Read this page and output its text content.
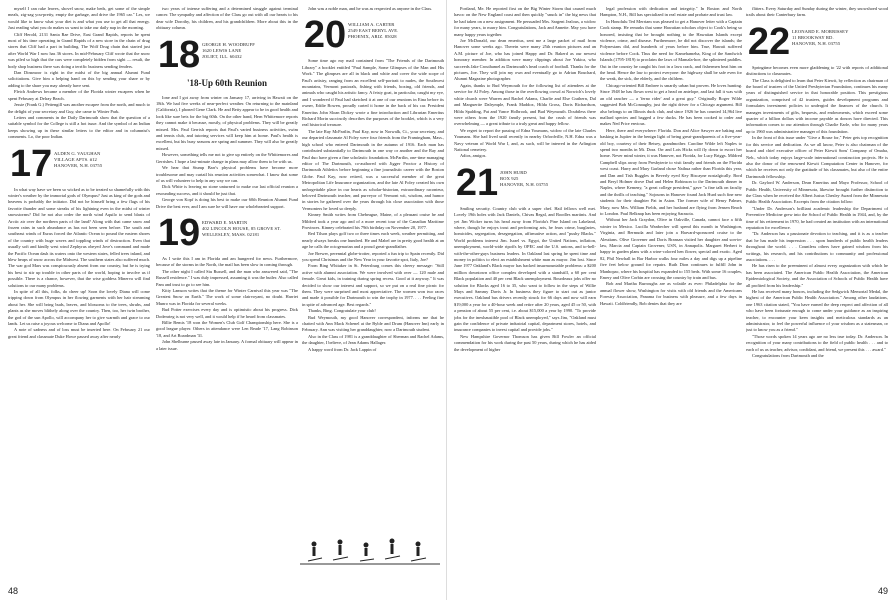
myself I can rake leaves, shovel snow, make beds, get some of the simple meals, zig-zag you-pretty, empty the garbage, and drive the 1965 car." Les, we would like to know what your diet is and what you use to get all that energy. Just reading what you do makes us want to take our daily nap in the morning.

Cliff Herold, 2131 Santa Rae Drive, East Grand Rapids, reports he spent most of his time operating in Grand Rapids of a new store in the chain of drug stores that Cliff had a part in building. The Wolf Drug chain that started just after World War I now has 36 stores. In mid-February Cliff wrote that the snow was piled so high that the cars were completely hidden from sight — result, the body shop business there was doing a terrific business sending fenders.

Dan Dinsmoor is right in the midst of the big annual Alumni Fund solicitations. Give him a helping hand on this by sending your share or by adding to the share you may already have sent.

Fletch Andrews became a member of the Florida winter escapees when he spent February at Delray Beach.

Jessie (Frank G.) Pettengill was another escapee from the north, and much to the delight of your secretary and Guy, she came to Winter Park.

Letters and comments in the Daily Dartmouth show that the question of a suitable symbol for the College is still a hot issue. And the symbol of an Indian keeps showing up in these similar letters to the editor and in columnist's comments. Lo, the poor Indian.

17 ALDEN G. VAUGHAN
VILLAGE APTS. #12
HANOVER, N.H. 03755

In what way have we been so wicked as to be treated so shamefully with this winter's weather by the immortal gods of Olympus? Just as king of the gods and heavens is probably the initiator. Did not he himself bring a few flags of his favorite thunder and some streaks of his lightning even in the midst of winter snowstorms? Did he not also order the north wind Aquilo to send blasts of Arctic air over the northern parts of the land? Along with that came snow and frozen rains in such abundance as has not been seen before. The south and southeast winds of Eurus forced the Atlantic Ocean to pound the eastern shores of the country with huge waves and toppling winds of destruction. Even that usually soft and kindly west wind Zephyrus obeyed Jove's command and made the Pacific Ocean dash its waters onto the western states, felled trees inland, and blew heaps of snow across the Midwest. The southern states also suffered much. The war god Mars was conspicuously absent from our country, but he is trying his best to stir up trouble in other parts of the world, hoping to involve us if possible. There is a chance, however, that the wise goddess Minerva will find solutions to our many problems.

In spite of all this, folks, do cheer up! Soon the lovely Diana will come tripping down from Olympus in her flowing garments with her hair streaming about her. She will bring buds, leaves, and blossoms to the trees, shrubs, and plants as she moves blithely along over the country. Then, too, her twin brother, the god of the sun Apollo, will accompany her to give warmth and grace to our lands. Let us raise a joyous welcome to Diana and Apollo!

A note of sadness and of loss must be inserted here. On February 21 our great friend and classmate Duke Howe passed away after nearly

two years of intense suffering and a determined struggle against terminal cancer. The sympathy and affection of the Class go out with all our hearts to his dear wife Dorothy, his children, and his grandchildren. More about this in the obituary column.

18 GEORGE H. WOODRUFF
1620 LEWIS LANE
JOLIET, ILL. 60432
'18-Up 60th Reunion

Ione and I got away from winter on January 17, arriving in Hawaii on the 18th. We had five weeks of near-perfect weather. On returning to the mainland (California), I phoned Gene Clark. He and Betty appear to be in good health and look like sure bets for the big 60th. On the other hand, Hern Whittemore reports they cannot make it because, mostly, of physical problems. They will be greatly missed. Mrs. Paul Gerrish reports that Paul's varied business activities, swim and tennis club, and tutoring services will keep him at home. Paul's health is excellent, but his busy seasons are spring and summer. They will also be greatly missed.

However, something tells me not to give up entirely on the Whittemores and Gerrishes. I hope a last-minute change in plans may allow them to be with us.

We hear that Stump Barr's physical problems have become more troublesome and may curtail his reunion activities somewhat. I know that some of us will volunteer to help in any way we can.

Dick White is leaving no stone unturned to make our last official reunion a resounding success, and it should be just that.

George von Kopf is doing his best to make our 60th Reunion Alumni Fund Drive the best ever, and I am sure he will have our wholehearted support.

19 EDWARD E. MARTIN
402 LINCOLN HOUSE, 85 GROVE ST.
WELLESLEY, MASS. 02181

As I write this I am in Florida and am hungered for news. Furthermore, because of the storms in the North, the mail has been slow in coming through.

The other night I called Stu Russell, and the man who answered said, "The Russell residence." I was duly impressed, assuming it was the butler. Also called Pam and trust to go to see him.

Kitty Lamson writes that the theme for Winter Carnival this year was "The Greatest Snow on Earth." The work of some clairvoyant, no doubt. Harriet Munro was in Florida for several weeks.

Bud Potter exercises every day and is optimistic about his progress. Dick Dodenrieg is not very well, and it would help if he heard from classmates.

Billie Bemis '18 won the Women's Club Golf Championship here. She is a good league player. Others in attendance were Len Reade '17, Lang Robinson '18, and Art Boardman '31.

John Shelburne passed away late in January. A formal obituary will appear in a later issue.

John was a noble man, and he was as respected as anyone in the Class.

20 WILLIAM A. CARTER
2549 EAST BERYL AVE.
PHOENIX, ARIZ. 85028

Some time ago my mail contained from "The Friends of the Dartmouth Library" a booklet entitled "Paul Sample, Some Glimpses of the Man and His Work." The glimpses are all in black and white and cover the wide scope of Paul's artistry, ranging from an excellent self-portrait to nudes, the Southwest mountains, Vermont pastorals, fishing with friends, boxing, old friends, and animals who caught his artistic fancy. A feisty goat, in particular, caught my eye, and I wondered if Paul had sketched it at one of our reunions in Etna before its owner, Eddie Bowen, proudly carted it home in the back of his car. President Emeritus John Sloan Dickey wrote a fine introduction and Librarian Emeritus Richard Morin succinctly describes the purposes of the booklet, which is a very real historical treasure.

The late Ray McPartlin, Paul Kay, now in Norwalk, Ct., your secretary, and our departed classmate Al Foley were four friends from the Framingham, Mass., high school who entered Dartmouth in the autumn of 1916. Each man has contributed substantially to Dartmouth in one way or another and the Ray and Paul duo have given a fine scholastic foundation. McPartlin, one-time managing editor of The Dartmouth, co-authored with Jigger Proctor a History of Dartmouth Athletics before beginning a fine journalistic career with the Boston Globe. Paul Kay, now retired, was a successful member of the great Metropolitan Life Insurance organization, and the late Al Foley created his own unforgettable place in our hearts as scholar-historian, extraordinary raconteur, beloved Dartmouth teacher, and purveyor of Vermont wit, wisdom, and humor in stories he gathered over the years through his close association with those Vermonters he loved so deeply.

Kinney Smith writes from Chebeague, Maine, of a pleasant cruise he and Mildred took a year ago and of a more recent tour of the Canadian Maritime Provinces. Kinney celebrated his 79th birthday on November 20, 1977.

Red Tilson plays golf two or three times each week, weather permitting, and nearly always breaks one hundred. He and Mabel are in pretty good health at an age he calls the octogenarian and a proud great-grandfather.

Joe Brewer, perennial globe-trotter, reported a fun trip to Spain recently. Did you spend Christmas and the New Year in your favorite spot, Italy, Joe?

From Bing Whitaker in St. Petersburg comes this cheery message: "Still active with alumni association. We were involved with over — 120 male and female. Great kids, in training during spring recess. Good at it anyway." It was decided to show our interest and support, so we put on a real fine picnic for them. They were surprised and most appreciative. The women won two races and made it possible for Dartmouth to win the trophy in 1977. . . . Feeling fine in spite of advanced age. Best regards."

Thanks, Bing. Congratulate your club!

Bud Weymouth, my good Hanover correspondent, informs me that he chatted with Ann Mack Schenel at the Byble and Drum (Hanover Inn) early in February. Ann was visiting her granddaughter, now a Dartmouth student.

Also in the Class of 1981 is a granddaughter of Sherman and Rachel Adams, the daughter, I believe, of Jean Adams Hallager.

A happy word from Dr. Jack Lappin of

48

Portland, Me. He reported first on the Big Winter Storm that caused much havoc on the New England coast and then quickly "snuck in" the big news that he had taken on a new assignment. He persuaded Mrs. Sargent Jealous, a widow for many years, to marry him. Congratulations, Jack and Annette. May you have many happy years together.

Joe McDonald, our dean emeritus, sent me a large packet of mail from Hanover some weeks ago. Therein were many 25th reunion pictures and an A.M. picture of Joe, who has joined Happy and Dr. Bakerd as our newest honorary member. In addition were many clippings about Joe Yukica, who succeeds Jake Crouthamel as Dartmouth's head coach of football. Thanks for the pictures, Joe. They will join my own and eventually go to Adrian Bouchard, Alumni Magazine photographer.

Again, thanks to Bud Weymouth for the following list of attendees at the service for Al Foley. Among those in the overflowing crowd at Norwich's lovely white church were Warren and Rachel Adams, Charlie and Else Crathern, Dal and Marguerite Dalrymple, Frank Maddox, Hilda Gross, Doris Richardson, Hilda Spalding, Pat and Vance Holbrook, and Bud Weymouth. Doubtless there were others from the 1920 family present, but the crush of friends was overwhelming — a great tribute to a truly great and happy fellow.

We regret to report the passing of Edna Youmans, widow of the late Charles Youmans. She had lived until recently in nearby Orfordville, N.H. Edna was a Navy veteran of World War I, and, as such, will be interred in the Arlington National cemetery.

Adios, amigos.

21 JOHN HURD
BOX 925
HANOVER, N.H. 03755

Smiling security. Country club with a super chef. Hail fellows well met. Lovely 19th holes with Jack Daniels, Chivas Regal, and Boodles martinis. And yet Jim Wicker turns his head away from Florida's Pine Island on Lakeland, where, though he enjoys trout and performing arts, he fears crime, burglaries, homicides, segregation, desegregation, affirmative action, and "pushy Blacks." World problems interest Jim. Israel vs. Egypt, the United Nations, inflation, unemployment, world-wide ripoffs by OPEC and the U.S. unions, and to-hell-with-the-other-guys business leaders. In Oakland last spring he spent time and money in politics to elect an establishment white man as mayor. Jim lost. Since June 1977 Oakland's Black mayor has backed insurmountable problems: a $200 million downtown office complex developed with a standstill, a 60 per cent Black population and 40 per cent Black unemployment. Bourdeaux jobs offer no solution for Blacks aged 16 to 35, who want to follow in the steps of Willie Mays and Sammy Davis Jr. In business they figure to start out as junior executives. Oakland bus drivers recently struck for 66 days and now will earn $19,000 a year for a 40-hour week and retire after 20 years, aged 45 or 50, with a pension of about 55 per cent, i.e. about $15,000 a year by 1990. "To provide jobs for the inexhaustible pool of Black unemployed," says Jim, "Oakland must gain the confidence of private industrial capital, department stores, hotels, and insurance companies to invest capital and provide jobs."

New Hampshire Governor Thomson has given Bill Fowler an official commendation for his work during the past 50 years, during which he has aided the development of higher

legal profession with dedication and integrity." In Boston and North Hampton, N.H., Bill has specialized in real estate and probate and trust law.

In Honolulu Ted Merriam was pleased to get a Hanover letter with a Captain Cook stamp. He remarks that some Hawaiian scholars object to Cook's being so honored, insisting that he brought nothing to the Hawaiian Islands except violence, crime, and disease. Furthermore, he did not discover the islands; the Polynesians did, and hundreds of years before him. True, Hawaii suffered violence before Cook. Thus the need for Kamehameha, King of the Sandwich Islands (1795-1819) to proclaim the laws of Mamala-hoe, the splintered paddles. Out in the country he caught his foot in a lava crack, and fishermen beat him on the head. Hence the law to protect everyone: the highway shall be safe even for the weak, the sick, the elderly, and the children.

Chicago-oriented Bill Embree is smartly urban but proven. He loves hunting. Since 1948 he has flown west to get a head on antelope, and last fall it was with an old rancher — a 'ferno rider' and a great guy." Originally Roger Wilde suggested Bob McConaughy, just the right driver for a Chicago argument. Bill also belongs to an Illinois duck club, and since 1926 he has counted 14,964 live mallard species and bagged a few ducks. He has been cooked to order and makes Ned Price envious.

Here, there and everywhere: Florida. Don and Alice Sawyer are baking and basking in Jupiter in the benign light of being great-grandparents of a five-year-old boy, courtesy of their Betsey, grandmother. Caroline Wilde left Naples to spend two months in Mt. Dora. Orr and Lois Hicks will fly down to escort her home. Never mind winter, it was Hanover, not Florida, for Lucy Briggs. Mildred Campbell slips away from Presbyterie to visit family and friends on the Florida west coast. Harry and Mary Garland chose Naihua rather than Florida this year, and Dan and Tish Ruggles in Beverly eyed Key Biscayne nostalgically. Bord and Beryl Holmer drove Dud and Helen Robinson to the Dartmouth dinner in Naples, where Kemeny, "a great college president," gave "a fine talk on faculty and the thrills of teaching." Sojourns in Hanover found Jack Hurd such fine new students for their daughter Pat in Aston. The former wife of Henry Palmer, Mary, now Mrs. William Fields, and her husband are flying from Jensen Beach to London. Paul Belknap has been enjoying Sarasota.

Without her Jack Graydon, Olive in Oakville, Canada, cannot face a fifth winter in Mexico. Lucilla Wanbecher will spend this month in Washington, Virginia, and Bermuda and later join a Harvard-sponsored cruise to the Aleutians. Olive Grovener and Doris Bransan visited her daughter and son-in-law, Marcia and Captain Grovener, USN, in Annapolis. Margaret Herbert is happy in garden plans with a wine-colored hen flower, special and exotic. Aged 82, Phil Newhall in Bar Harbor walks four miles a day and digs up a pipeline five feet below ground for repairs. Ruth Dion continues to fulfill John in Manhopac, where his hospital has expanded to 155 beds. With some 16 couples, Emery and Olive Corbin are crossing the country by train and bus.

Bob and Martha Burroughs are as volatile as ever: Philadelphia for the annual flower show, Washington for visits with old friends and the Americans Forestry Association, Panama for business with pleasure, and a few days in Hawaii. Coldfriendly, Bob denies that they are

flitters. Every Saturday and Sunday during the winter, they snowshoed wood trails about their Canterbury farm.

22 LEONARD E. MORRISSEY
11 BROOKWAY RD.
HANOVER, N.H. 03755

Springtime becomes even more gladdening to '22 with reports of additional distinctions to classmates.

The Class is delighted to learn that Peter Kiewit, by reflection as chairman of the board of trustees of the United Presbyterian Foundation, continues his many years of distinguished service in that honorable position. This prestigious organization, comprised of 42 trustees, guides development programs and formulates investment policies to undergird the finances of the church. It manages investments of gifts, bequests, and endowments, which exceed some quarter of a billion dollars with income payable as donors have directed. This information comes to our attention through Charlie Earle, who for many years up to 1960 was administrative manager of this foundation.

In the front of this issue under "Give a Rouse for," Peter gets top recognition for this service and dedication. As we all know, Peter is also chairman of the board and chief executive officer of Peter Kiewit Sons' Company of Omaha, Neb., which today enjoys large-scale international construction projects. He is also the donor of the renowned Kiewit Computation Center in Hanover, for which he receives not only the gratitude of his classmates, but also of the entire Dartmouth fellowship.

Dr. Gaylord W. Anderson, Dean Emeritus and Mayo Professor, School of Public Health, University of Minnesota, likewise brought further distinction to the Class when he received the Albert Justus Chesley Award from the Minnesota Public Health Association. Excerpts from the citation follow:

"Under Dr. Anderson's brilliant academic leadership the Department of Preventive Medicine grew into the School of Public Health in 1944, and, by the time of his retirement in 1970, he had created an institution with an international reputation for excellence.

"Dr. Anderson has a passionate devotion to teaching, and it is as a teacher that he has made his impression . . . upon hundreds of public health leaders throughout the world. . . . Countless others have gained wisdom from his writings, his research, and his contributions to community and professional associations. . . .

He has risen to the preeminent of almost every organization with which he has been associated. The American Public Health Association, the American Epidemiological Society, and the Association of Schools of Public Health have all profited from his leadership."

He has received many honors, including the Sedgwick Memorial Medal, the highest of the American Public Health Association." Among other laudations, one 1963 citation stated, "You have earned the deep respect and affection of all who have been fortunate enough to come under your guidance as an inspiring teacher, to encounter your keen insights and meticulous standards as an administrator, to feel the powerful influence of your wisdom as a statesman, or just to know you as a friend."

"Those words spoken 14 years ago are no less true today. Dr. Anderson. In recognition of your many contributions to the field of public health . . . and to each of us as teacher, advisor, confidant, and friend, we present this . . . award."

Congratulations from Dartmouth and the

49
